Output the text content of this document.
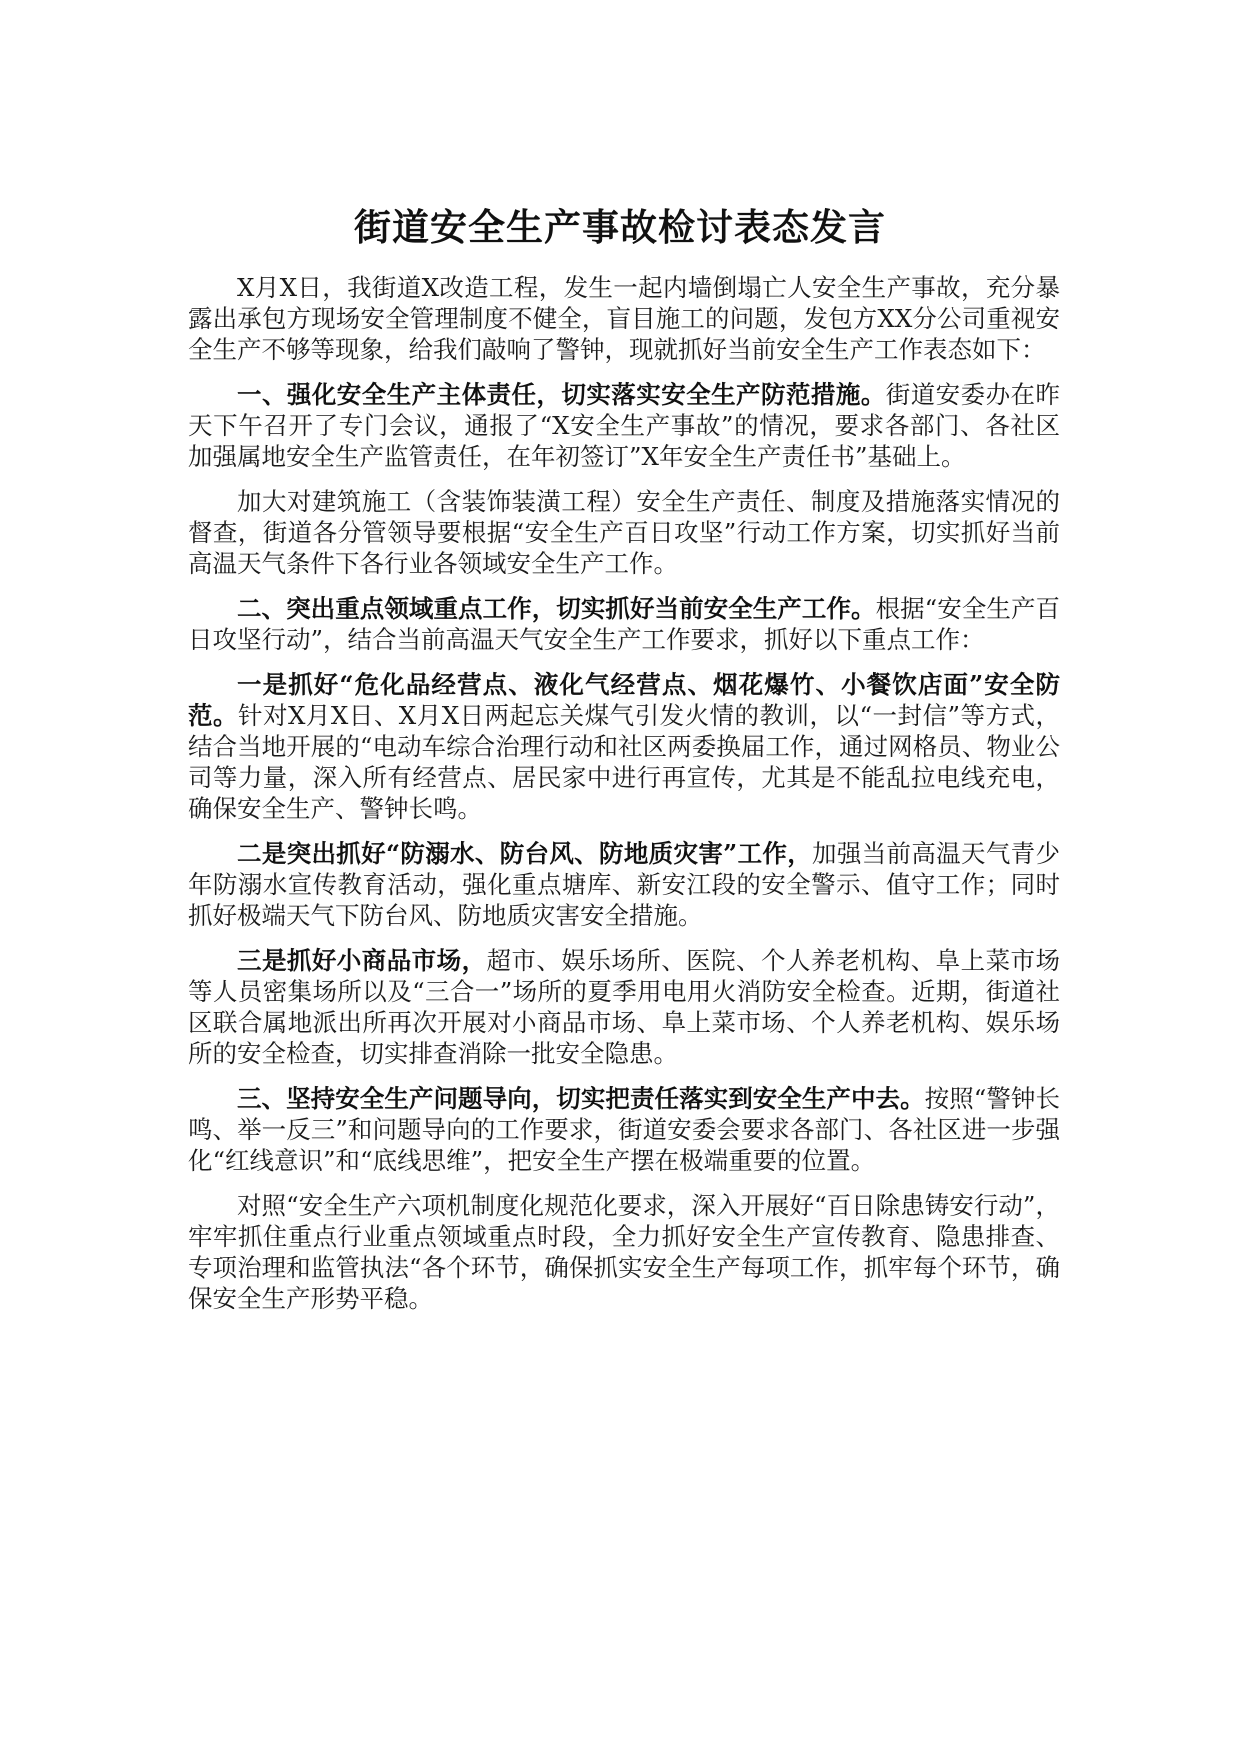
街道安全生产事故检讨表态发言

X月X日，我街道X改造工程，发生一起内墙倒塌亡人安全生产事故，充分暴露出承包方现场安全管理制度不健全，盲目施工的问题，发包方XX分公司重视安全生产不够等现象，给我们敲响了警钟，现就抓好当前安全生产工作表态如下：

一、强化安全生产主体责任，切实落实安全生产防范措施。街道安委办在昨天下午召开了专门会议，通报了“X安全生产事故”的情况，要求各部门、各社区加强属地安全生产监管责任，在年初签订”X年安全生产责任书”基础上。

加大对建筑施工（含装饰装潢工程）安全生产责任、制度及措施落实情况的督查，街道各分管领导要根据“安全生产百日攻坚”行动工作方案，切实抓好当前高温天气条件下各行业各领域安全生产工作。

二、突出重点领域重点工作，切实抓好当前安全生产工作。根据“安全生产百日攻坚行动”，结合当前高温天气安全生产工作要求，抓好以下重点工作：

一是抓好“危化品经营点、液化气经营点、烟花爆竹、小餐饮店面”安全防范。针对X月X日、X月X日两起忘关煤气引发火情的教训，以“一封信”等方式，结合当地开展的“电动车综合治理行动和社区两委换届工作，通过网格员、物业公司等力量，深入所有经营点、居民家中进行再宣传，尤其是不能乱拉电线充电，确保安全生产、警钟长鸣。

二是突出抓好“防溺水、防台风、防地质灾害”工作，加强当前高温天气青少年防溺水宣传教育活动，强化重点塘库、新安江段的安全警示、值守工作；同时抓好极端天气下防台风、防地质灾害安全措施。

三是抓好小商品市场，超市、娱乐场所、医院、个人养老机构、阜上菜市场等人员密集场所以及“三合一”场所的夏季用电用火消防安全检查。近期，街道社区联合属地派出所再次开展对小商品市场、阜上菜市场、个人养老机构、娱乐场所的安全检查，切实排查消除一批安全隐患。

三、坚持安全生产问题导向，切实把责任落实到安全生产中去。按照“警钟长鸣、举一反三”和问题导向的工作要求，街道安委会要求各部门、各社区进一步强化“红线意识”和“底线思维”，把安全生产摆在极端重要的位置。

对照“安全生产六项机制度化规范化要求，深入开展好“百日除患铸安行动”，牢牢抓住重点行业重点领域重点时段，全力抓好安全生产宣传教育、隐患排查、专项治理和监管执法“各个环节，确保抓实安全生产每项工作，抓牢每个环节，确保安全生产形势平稳。
